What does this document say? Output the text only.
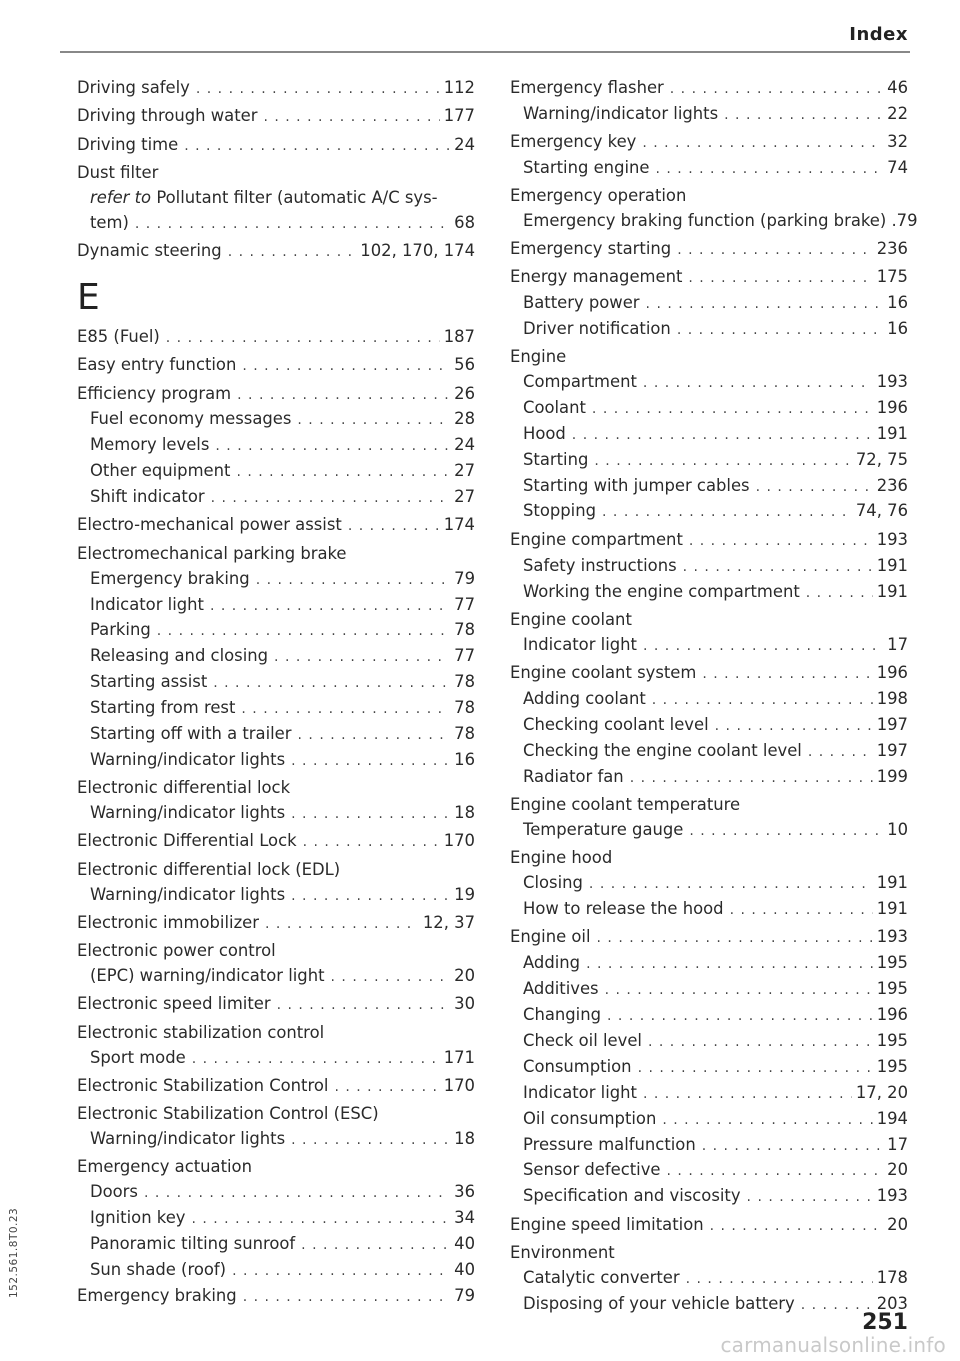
Index
Driving safely . . .	112
Driving through water . . .	177
Driving time . . .	24
Dust filter
refer to Pollutant filter (automatic A/C sys-
tem) . . .	68
Dynamic steering . . .	102, 170, 174
E
E85 (Fuel) . . .	187
Easy entry function . . .	56
Efficiency program . . .	26
Fuel economy messages . . .	28
Memory levels . . .	24
Other equipment . . .	27
Shift indicator . . .	27
Electro-mechanical power assist . . .	174
Electromechanical parking brake
Emergency braking . . .	79
Indicator light . . .	77
Parking . . .	78
Releasing and closing . . .	77
Starting assist . . .	78
Starting from rest . . .	78
Starting off with a trailer . . .	78
Warning/indicator lights . . .	16
Electronic differential lock
Warning/indicator lights . . .	18
Electronic Differential Lock . . .	170
Electronic differential lock (EDL)
Warning/indicator lights . . .	19
Electronic immobilizer . . .	12, 37
Electronic power control
(EPC) warning/indicator light . . .	20
Electronic speed limiter . . .	30
Electronic stabilization control
Sport mode . . .	171
Electronic Stabilization Control . . .	170
Electronic Stabilization Control (ESC)
Warning/indicator lights . . .	18
Emergency actuation
Doors . . .	36
Ignition key . . .	34
Panoramic tilting sunroof . . .	40
Sun shade (roof) . . .	40
Emergency braking . . .	79
Emergency flasher . . .	46
Warning/indicator lights . . .	22
Emergency key . . .	32
Starting engine . . .	74
Emergency operation
Emergency braking function (parking brake) .79
Emergency starting . . .	236
Energy management . . .	175
Battery power . . .	16
Driver notification . . .	16
Engine
Compartment . . .	193
Coolant . . .	196
Hood . . .	191
Starting . . .	72, 75
Starting with jumper cables . . .	236
Stopping . . .	74, 76
Engine compartment . . .	193
Safety instructions . . .	191
Working the engine compartment . . .	191
Engine coolant
Indicator light . . .	17
Engine coolant system . . .	196
Adding coolant . . .	198
Checking coolant level . . .	197
Checking the engine coolant level . . .	197
Radiator fan . . .	199
Engine coolant temperature
Temperature gauge . . .	10
Engine hood
Closing . . .	191
How to release the hood . . .	191
Engine oil . . .	193
Adding . . .	195
Additives . . .	195
Changing . . .	196
Check oil level . . .	195
Consumption . . .	195
Indicator light . . .	17, 20
Oil consumption . . .	194
Pressure malfunction . . .	17
Sensor defective . . .	20
Specification and viscosity . . .	193
Engine speed limitation . . .	20
Environment
Catalytic converter . . .	178
Disposing of your vehicle battery . . .	203
152.561.8T0.23
251
carmanualsonline.info
